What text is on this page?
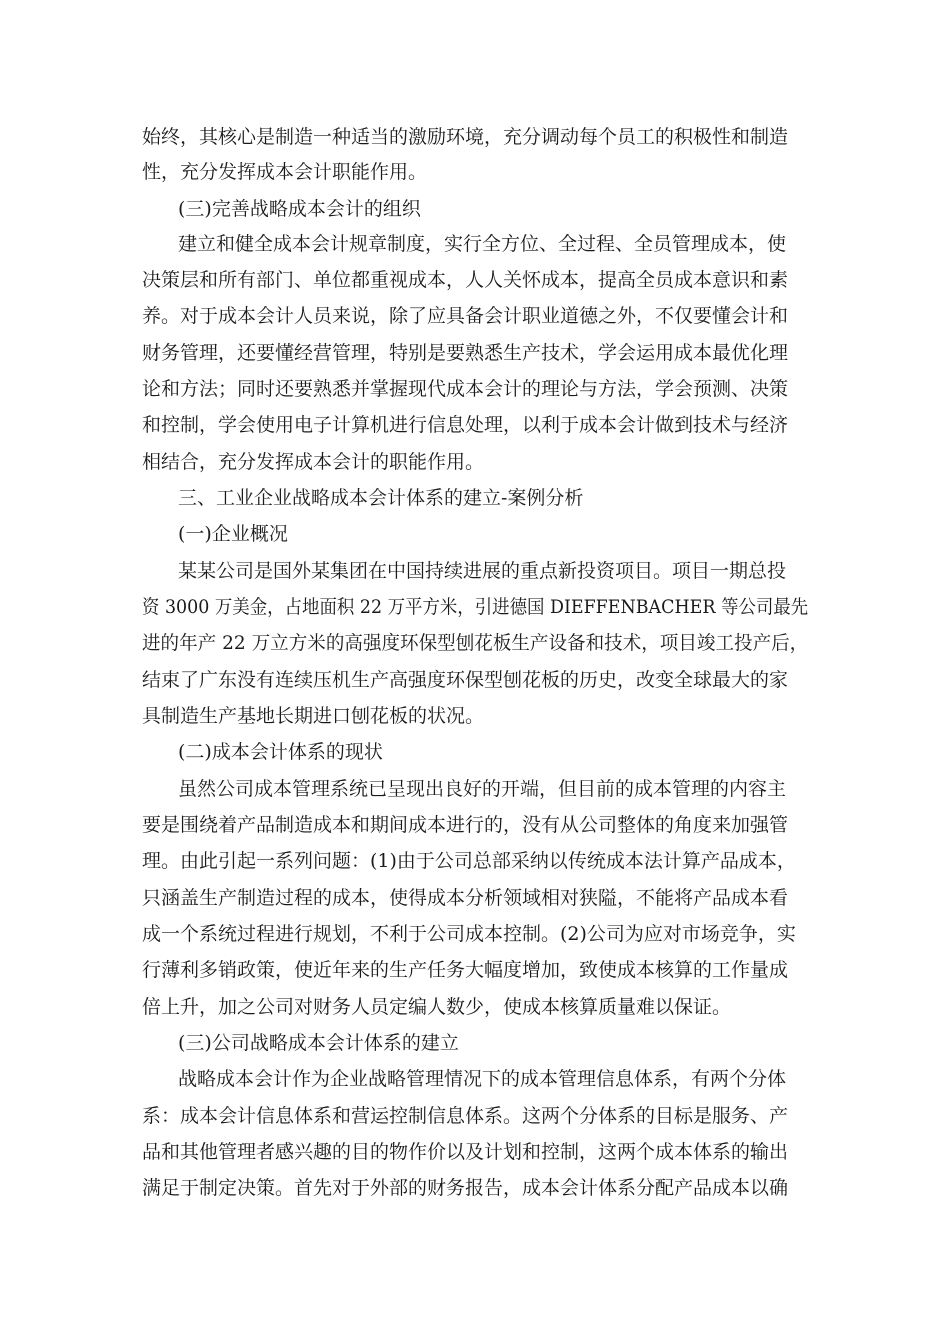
始终，其核心是制造一种适当的激励环境，充分调动每个员工的积极性和制造
性，充分发挥成本会计职能作用。
(三)完善战略成本会计的组织
建立和健全成本会计规章制度，实行全方位、全过程、全员管理成本，使
决策层和所有部门、单位都重视成本，人人关怀成本，提高全员成本意识和素
养。对于成本会计人员来说，除了应具备会计职业道德之外，不仅要懂会计和
财务管理，还要懂经营管理，特别是要熟悉生产技术，学会运用成本最优化理
论和方法；同时还要熟悉并掌握现代成本会计的理论与方法，学会预测、决策
和控制，学会使用电子计算机进行信息处理，以利于成本会计做到技术与经济
相结合，充分发挥成本会计的职能作用。
三、工业企业战略成本会计体系的建立-案例分析
(一)企业概况
某某公司是国外某集团在中国持续进展的重点新投资项目。项目一期总投
资 3000 万美金，占地面积 22 万平方米，引进德国 DIEFFENBACHER 等公司最先
进的年产 22 万立方米的高强度环保型刨花板生产设备和技术，项目竣工投产后，
结束了广东没有连续压机生产高强度环保型刨花板的历史，改变全球最大的家
具制造生产基地长期进口刨花板的状况。
(二)成本会计体系的现状
虽然公司成本管理系统已呈现出良好的开端，但目前的成本管理的内容主
要是围绕着产品制造成本和期间成本进行的，没有从公司整体的角度来加强管
理。由此引起一系列问题：(1)由于公司总部采纳以传统成本法计算产品成本，
只涵盖生产制造过程的成本，使得成本分析领域相对狭隘，不能将产品成本看
成一个系统过程进行规划，不利于公司成本控制。(2)公司为应对市场竞争，实
行薄利多销政策，使近年来的生产任务大幅度增加，致使成本核算的工作量成
倍上升，加之公司对财务人员定编人数少，使成本核算质量难以保证。
(三)公司战略成本会计体系的建立
战略成本会计作为企业战略管理情况下的成本管理信息体系，有两个分体
系：成本会计信息体系和营运控制信息体系。这两个分体系的目标是服务、产
品和其他管理者感兴趣的目的物作价以及计划和控制，这两个成本体系的输出
满足于制定决策。首先对于外部的财务报告，成本会计体系分配产品成本以确
